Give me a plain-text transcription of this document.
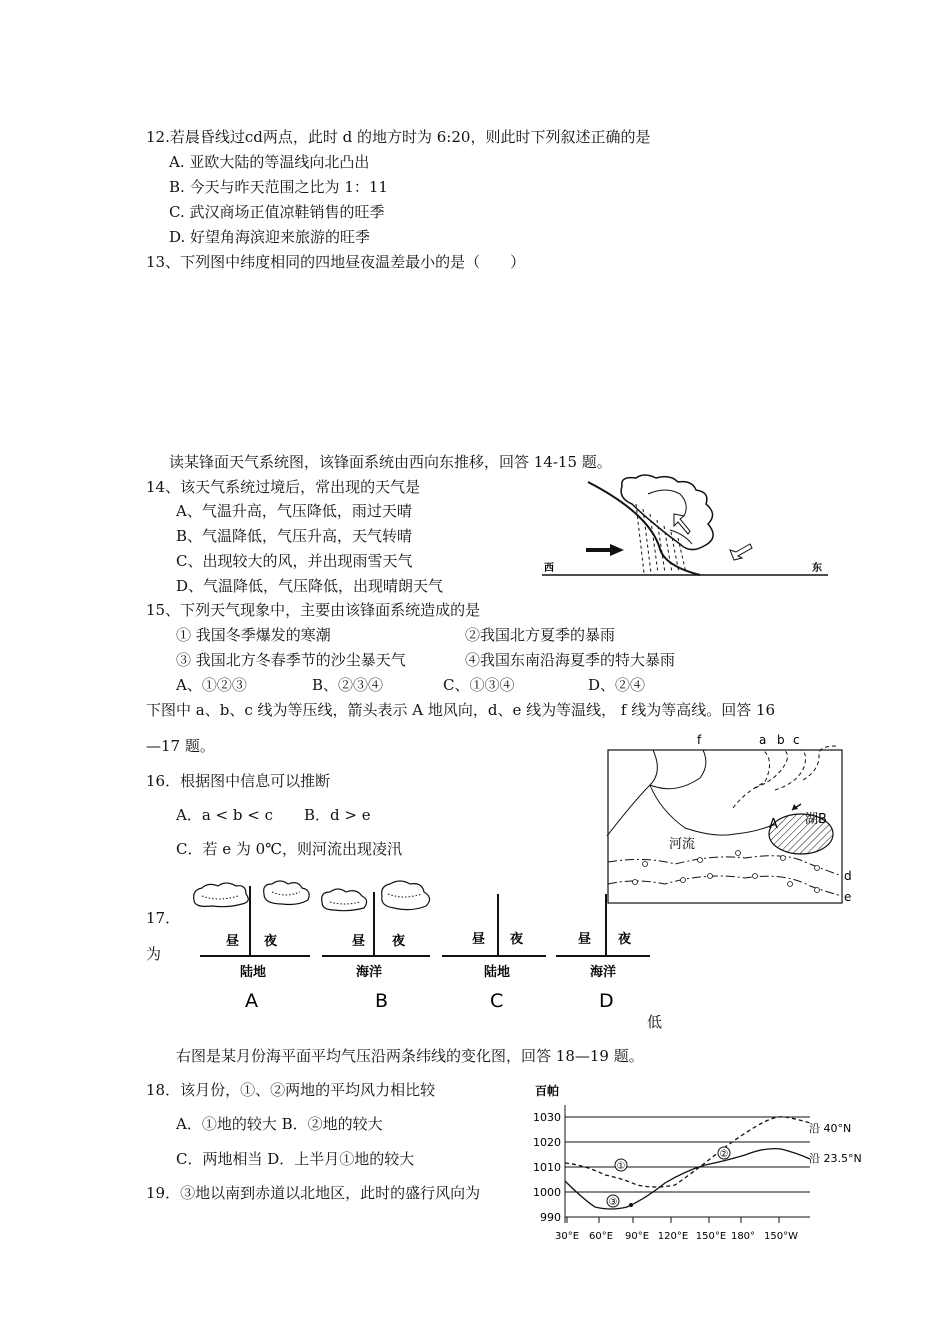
12.若晨昏线过cd两点，此时 d 的地方时为 6:20，则此时下列叙述正确的是
A. 亚欧大陆的等温线向北凸出
B. 今天与昨天范围之比为 1：11
C. 武汉商场正值凉鞋销售的旺季
D. 好望角海滨迎来旅游的旺季
13、下列图中纬度相同的四地昼夜温差最小的是（　　）
读某锋面天气系统图，该锋面系统由西向东推移，回答 14-15 题。
14、该天气系统过境后，常出现的天气是
A、气温升高，气压降低，雨过天晴
B、气温降低，气压升高，天气转晴
C、出现较大的风，并出现雨雪天气
D、气温降低，气压降低，出现晴朗天气
西	东
15、下列天气现象中，主要由该锋面系统造成的是
① 我国冬季爆发的寒潮	②我国北方夏季的暴雨
③ 我国北方冬春季节的沙尘暴天气	④我国东南沿海夏季的特大暴雨
A、①②③	B、②③④	C、①③④	D、②④
下图中 a、b、c 线为等压线，箭头表示 A 地风向，d、e 线为等温线， f 线为等高线。回答 16
—17 题。	f	a b c
d
e
湖B
A
河流
16．根据图中信息可以推断
A．a < b < c B．d > e
C．若 e 为 0℃，则河流出现凌汛
17．
为
昼 夜	昼 夜	昼 夜	昼 夜
陆地	海洋	陆地	海洋
A	B	C	D
低
右图是某月份海平面平均气压沿两条纬线的变化图，回答 18—19 题。
18．该月份，①、②两地的平均风力相比较
A．①地的较大 B．②地的较大
C．两地相当 D．上半月①地的较大
19．③地以南到赤道以北地区，此时的盛行风向为
百帕
1030
1020
1010
1000
990
30°E 60°E 90°E 120°E 150°E 180° 150°W
①
②
③
沿 40°N
沿 23.5°N
